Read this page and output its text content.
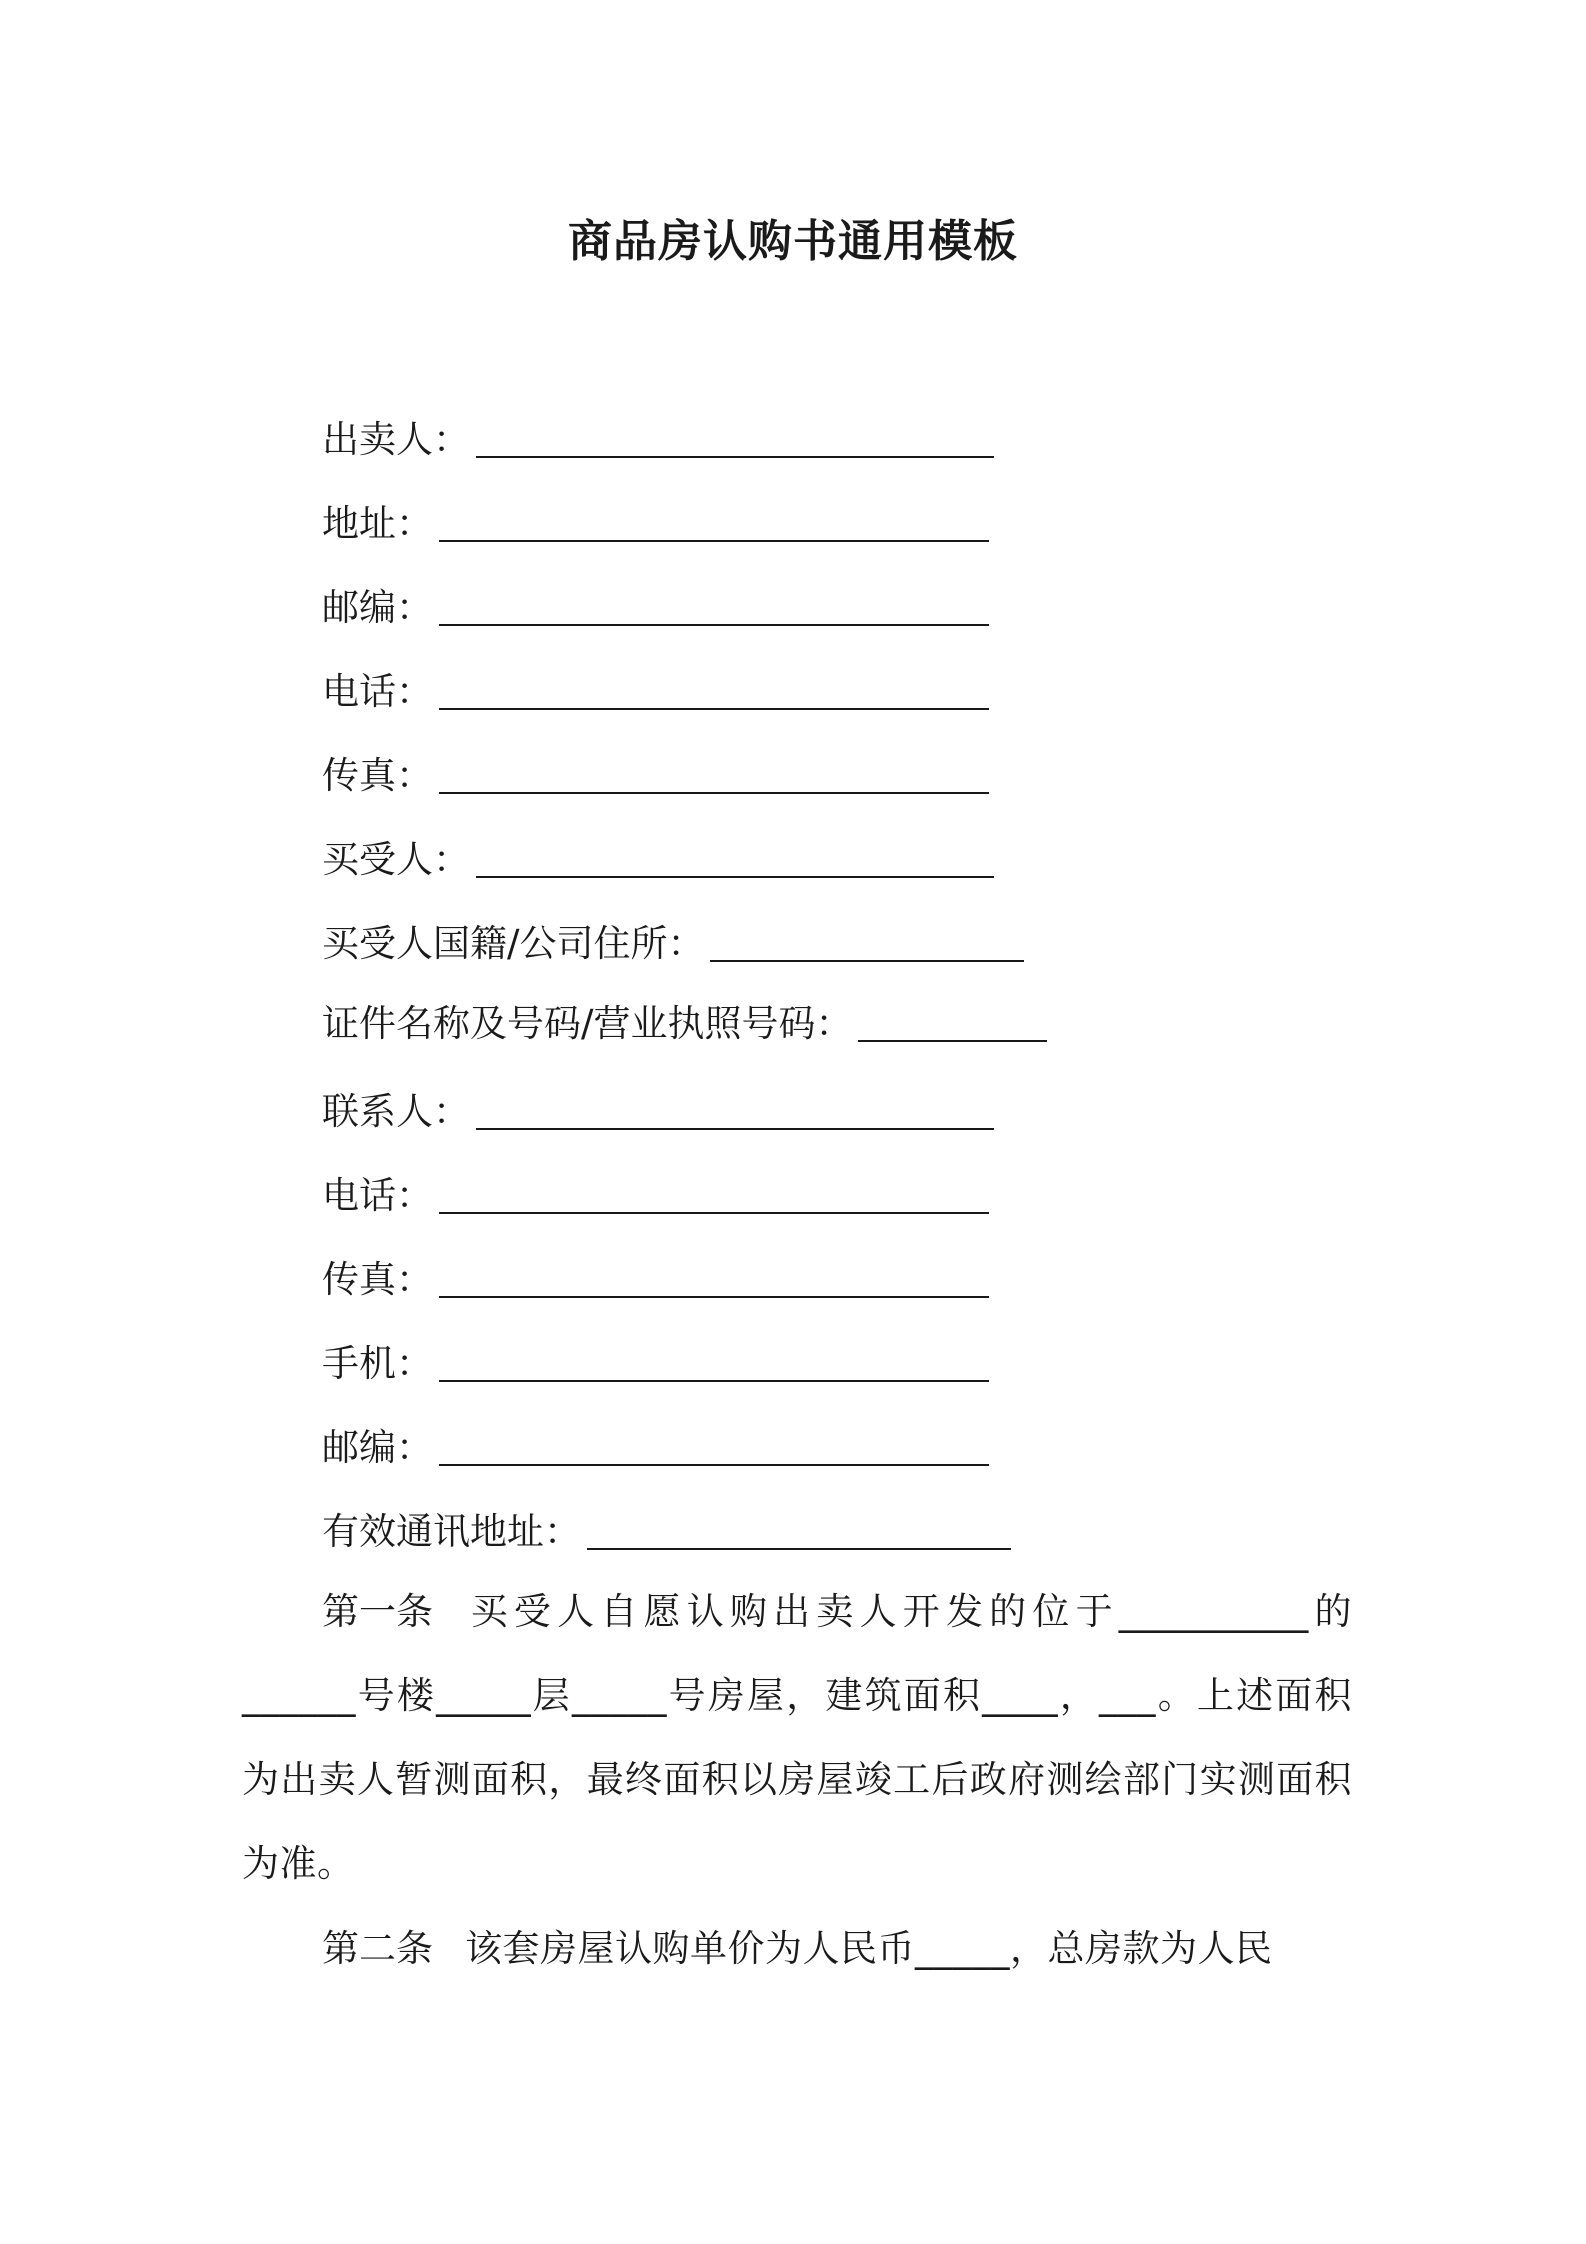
商品房认购书通用模板
出卖人：
地址：
邮编：
电话：
传真：
买受人：
买受人国籍/公司住所：
证件名称及号码/营业执照号码：
联系人：
电话：
传真：
手机：
邮编：
有效通讯地址：
第一条 买受人自愿认购出卖人开发的位于__________的______号楼_____层_____号房屋，建筑面积____，___。上述面积为出卖人暂测面积，最终面积以房屋竣工后政府测绘部门实测面积为准。
第二条 该套房屋认购单价为人民币_____，总房款为人民
